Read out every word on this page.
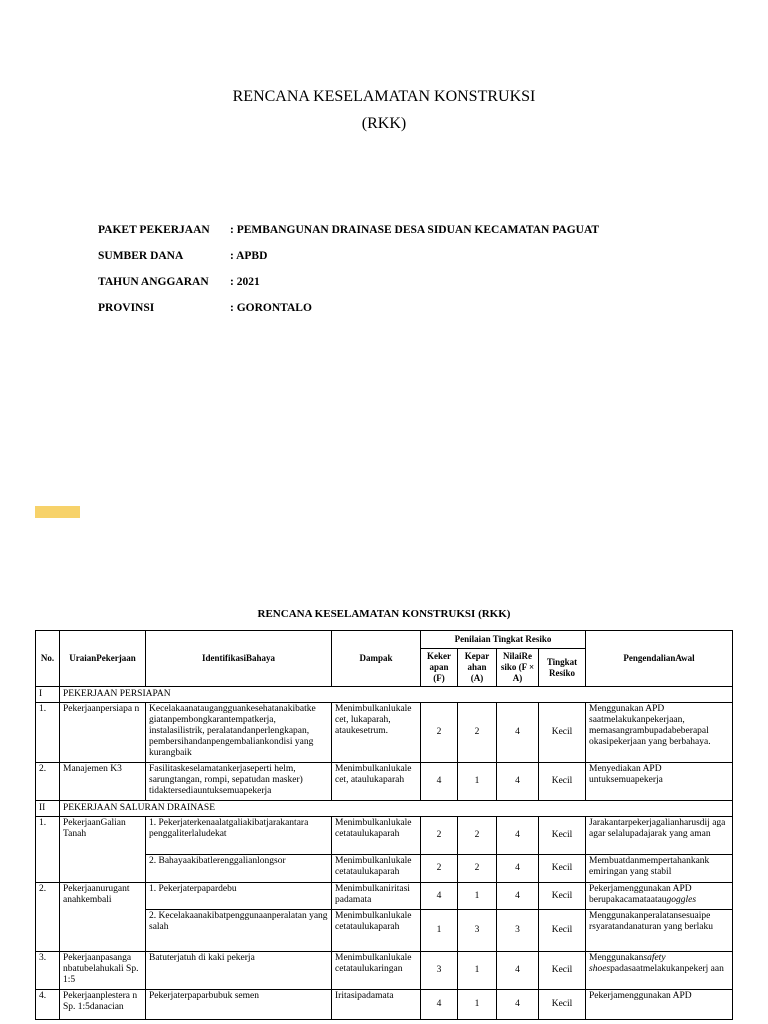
RENCANA KESELAMATAN KONSTRUKSI
(RKK)
PAKET PEKERJAAN : PEMBANGUNAN DRAINASE DESA SIDUAN KECAMATAN PAGUAT
SUMBER DANA	: APBD
TAHUN ANGGARAN : 2021
PROVINSI	: GORONTALO
RENCANA KESELAMATAN KONSTRUKSI (RKK)
No.	UraianPekerjaan	IdentifikasiBahaya	Dampak	Penilaian Tingkat Resiko				PengendalianAwal
				Keker apan (F)	Kepar ahan (A)	NilaiRe siko (F × A)	Tingkat Resiko	
I	PEKERJAAN PERSIAPAN							
1.	Pekerjaanpersiapa n	Kecelakaanataugangguankesehatanakibatke giatanpembongkarantempatkerja, instalasilistrik, peralatandanperlengkapan, pembersihandanpengembaliankondisi yang kurangbaik	Menimbulkanlukale cet, lukaparah, ataukesetrum.	2	2	4	Kecil	Menggunakan APD saatmelakukanpekerjaan, memasangrambupadabeberapal okasipekerjaan yang berbahaya.
2.	Manajemen K3	Fasilitaskeselamatankerjaseperti helm, sarungtangan, rompi, sepatudan masker) tidaktersediauntuksemuapekerja	Menimbulkanlukale cet, ataulukaparah	4	1	4	Kecil	Menyediakan APD untuksemuapekerja
II	PEKERJAAN SALURAN DRAINASE							
1.	PekerjaanGalian Tanah	1. Pekerjaterkenaalatgaliakibatjarakantara penggaliterlaludekat	Menimbulkanlukale cetataulukaparah	2	2	4	Kecil	Jarakantarpekerjagalianharusdij aga agar selalupadajarak yang aman
		2. Bahayaakibatlerenggalianlongsor	Menimbulkanlukale cetataulukaparah	2	2	4	Kecil	Membuatdanmempertahankank emiringan yang stabil
2.	Pekerjaanurugant anahkembali	1. Pekerjaterpapardebu	Menimbulkaniritasi padamata	4	1	4	Kecil	Pekerjamenggunakan APD berupakacamataataugoggles
		2. Kecelakaanakibatpenggunaanperalatan yang salah	Menimbulkanlukale cetataulukaparah	1	3	3	Kecil	Menggunakanperalatansesuaipe rsyaratandanaturan yang berlaku
3.	Pekerjaanpasanga nbatubelahukali Sp. 1:5	Batuterjatuh di kaki pekerja	Menimbulkanlukale cetataulukaringan	3	1	4	Kecil	Menggunakansafety shoespadasaatmelakukanpekerj aan
4.	Pekerjaanplestera n Sp. 1:5danacian	Pekerjaterpaparbubuk semen	Iritasipadamata	4	1	4	Kecil	Pekerjamenggunakan APD
